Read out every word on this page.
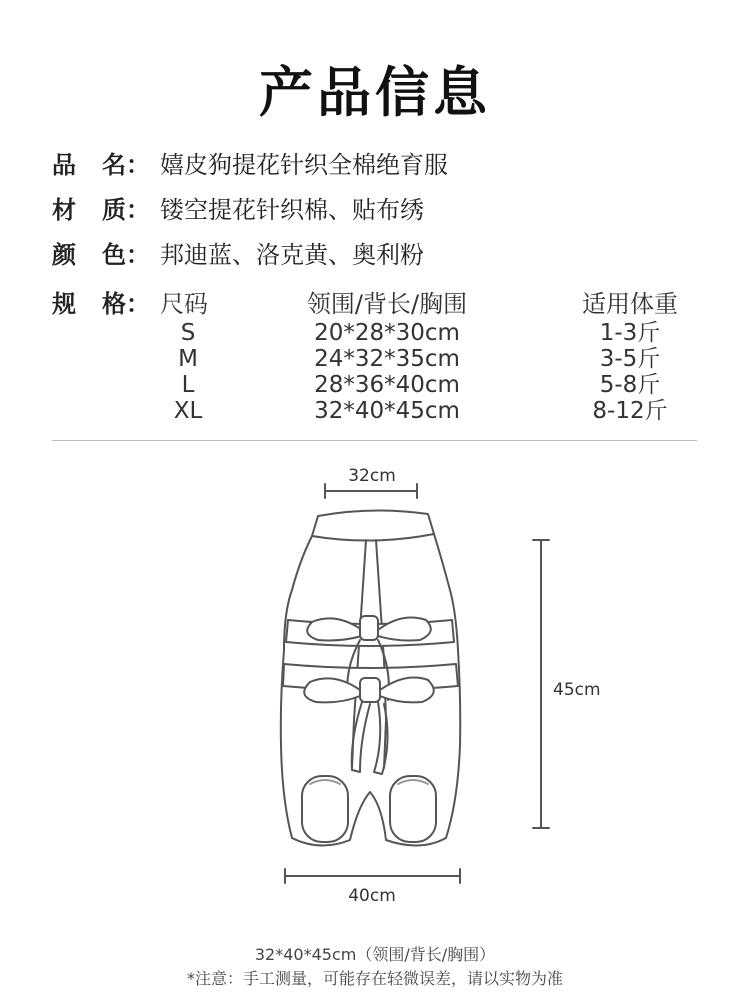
产品信息
品 名： 嬉皮狗提花针织全棉绝育服
材 质： 镂空提花针织棉、贴布绣
颜 色： 邦迪蓝、洛克黄、奥利粉
规 格： 尺码	领围/背长/胸围	适用体重
S
M
L
XL
20*28*30cm
24*32*35cm
28*36*40cm
32*40*45cm
1-3斤
3-5斤
5-8斤
8-12斤
32cm
45cm
40cm
32*40*45cm（领围/背长/胸围）
*注意：手工测量，可能存在轻微误差，请以实物为准
